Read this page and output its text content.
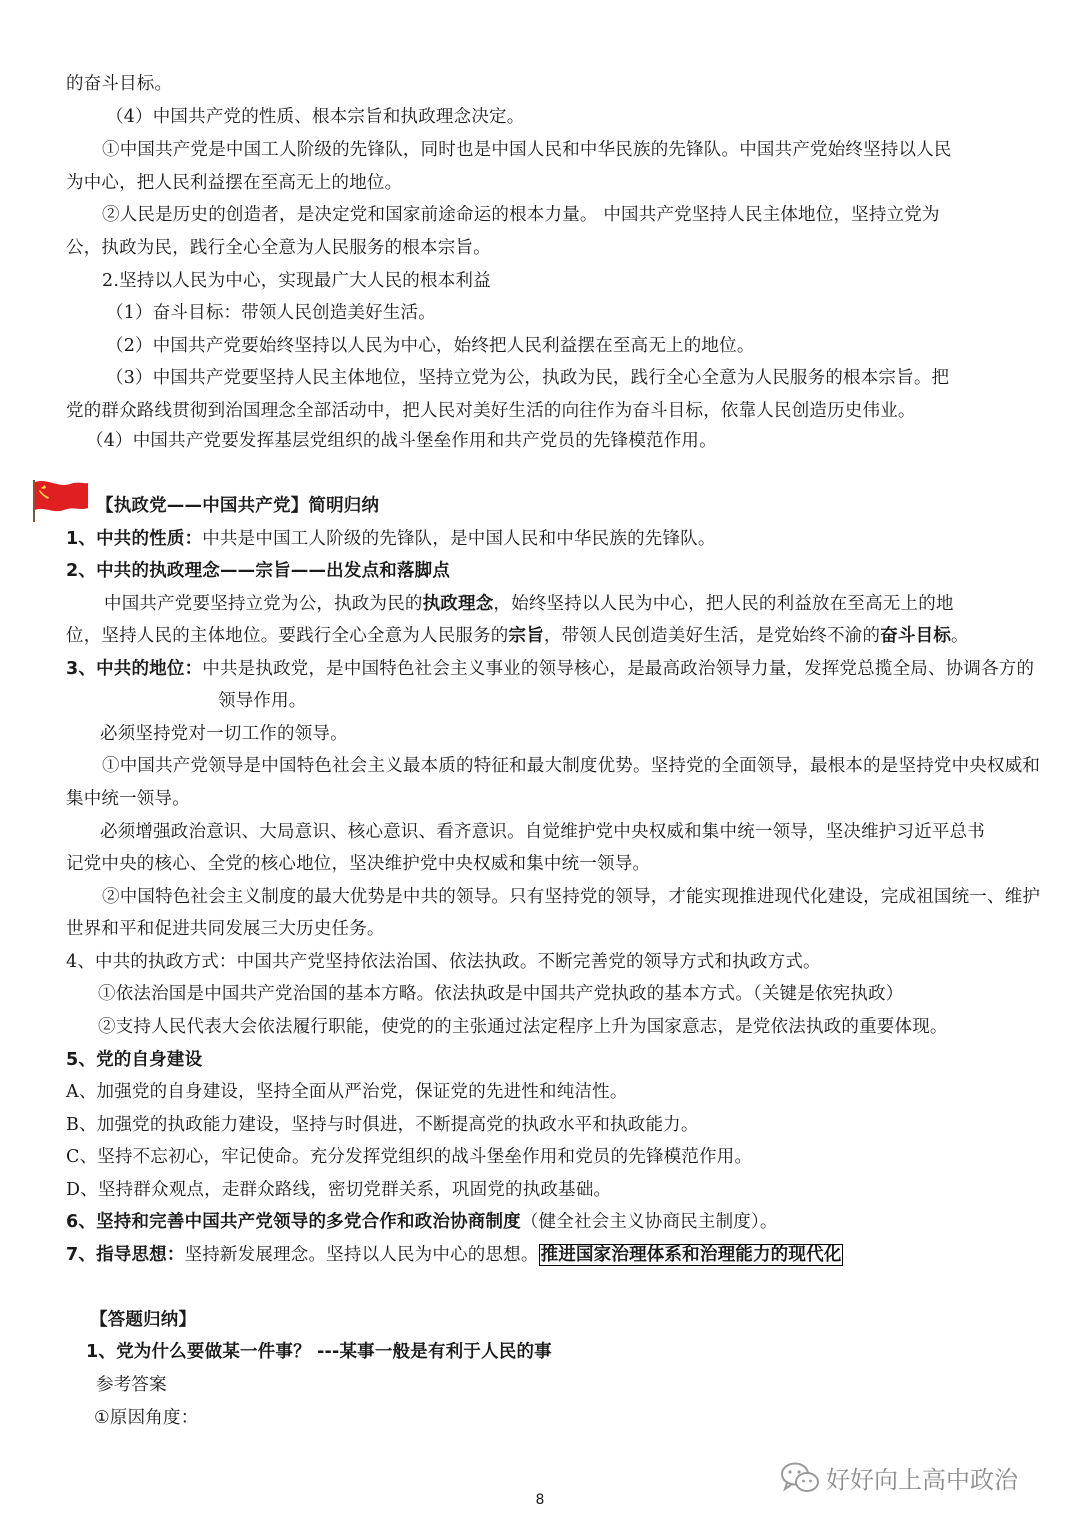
的奋斗目标。
（4）中国共产党的性质、根本宗旨和执政理念决定。
①中国共产党是中国工人阶级的先锋队，同时也是中国人民和中华民族的先锋队。中国共产党始终坚持以人民
为中心，把人民利益摆在至高无上的地位。
②人民是历史的创造者，是决定党和国家前途命运的根本力量。 中国共产党坚持人民主体地位，坚持立党为
公，执政为民，践行全心全意为人民服务的根本宗旨。
2.坚持以人民为中心，实现最广大人民的根本利益
（1）奋斗目标：带领人民创造美好生活。
（2）中国共产党要始终坚持以人民为中心，始终把人民利益摆在至高无上的地位。
（3）中国共产党要坚持人民主体地位，坚持立党为公，执政为民，践行全心全意为人民服务的根本宗旨。把
党的群众路线贯彻到治国理念全部活动中，把人民对美好生活的向往作为奋斗目标，依靠人民创造历史伟业。
（4）中国共产党要发挥基层党组织的战斗堡垒作用和共产党员的先锋模范作用。
【执政党——中国共产党】简明归纳
1、中共的性质：中共是中国工人阶级的先锋队，是中国人民和中华民族的先锋队。
2、中共的执政理念——宗旨——出发点和落脚点
中国共产党要坚持立党为公，执政为民的执政理念，始终坚持以人民为中心，把人民的利益放在至高无上的地
位，坚持人民的主体地位。要践行全心全意为人民服务的宗旨，带领人民创造美好生活，是党始终不渝的奋斗目标。
3、中共的地位：中共是执政党，是中国特色社会主义事业的领导核心，是最高政治领导力量，发挥党总揽全局、协调各方的
领导作用。
必须坚持党对一切工作的领导。
①中国共产党领导是中国特色社会主义最本质的特征和最大制度优势。坚持党的全面领导，最根本的是坚持党中央权威和
集中统一领导。
必须增强政治意识、大局意识、核心意识、看齐意识。自觉维护党中央权威和集中统一领导，坚决维护习近平总书
记党中央的核心、全党的核心地位，坚决维护党中央权威和集中统一领导。
②中国特色社会主义制度的最大优势是中共的领导。只有坚持党的领导，才能实现推进现代化建设，完成祖国统一、维护
世界和平和促进共同发展三大历史任务。
4、中共的执政方式：中国共产党坚持依法治国、依法执政。不断完善党的领导方式和执政方式。
①依法治国是中国共产党治国的基本方略。依法执政是中国共产党执政的基本方式。（关键是依宪执政）
②支持人民代表大会依法履行职能，使党的的主张通过法定程序上升为国家意志，是党依法执政的重要体现。
5、党的自身建设
A、加强党的自身建设，坚持全面从严治党，保证党的先进性和纯洁性。
B、加强党的执政能力建设，坚持与时俱进，不断提高党的执政水平和执政能力。
C、坚持不忘初心，牢记使命。充分发挥党组织的战斗堡垒作用和党员的先锋模范作用。
D、坚持群众观点，走群众路线，密切党群关系，巩固党的执政基础。
6、坚持和完善中国共产党领导的多党合作和政治协商制度（健全社会主义协商民主制度）。
7、指导思想：坚持新发展理念。坚持以人民为中心的思想。 推进国家治理体系和治理能力的现代化
【答题归纳】
1、党为什么要做某一件事？ ---某事一般是有利于人民的事
参考答案
①原因角度：
好好向上高中政治
8
